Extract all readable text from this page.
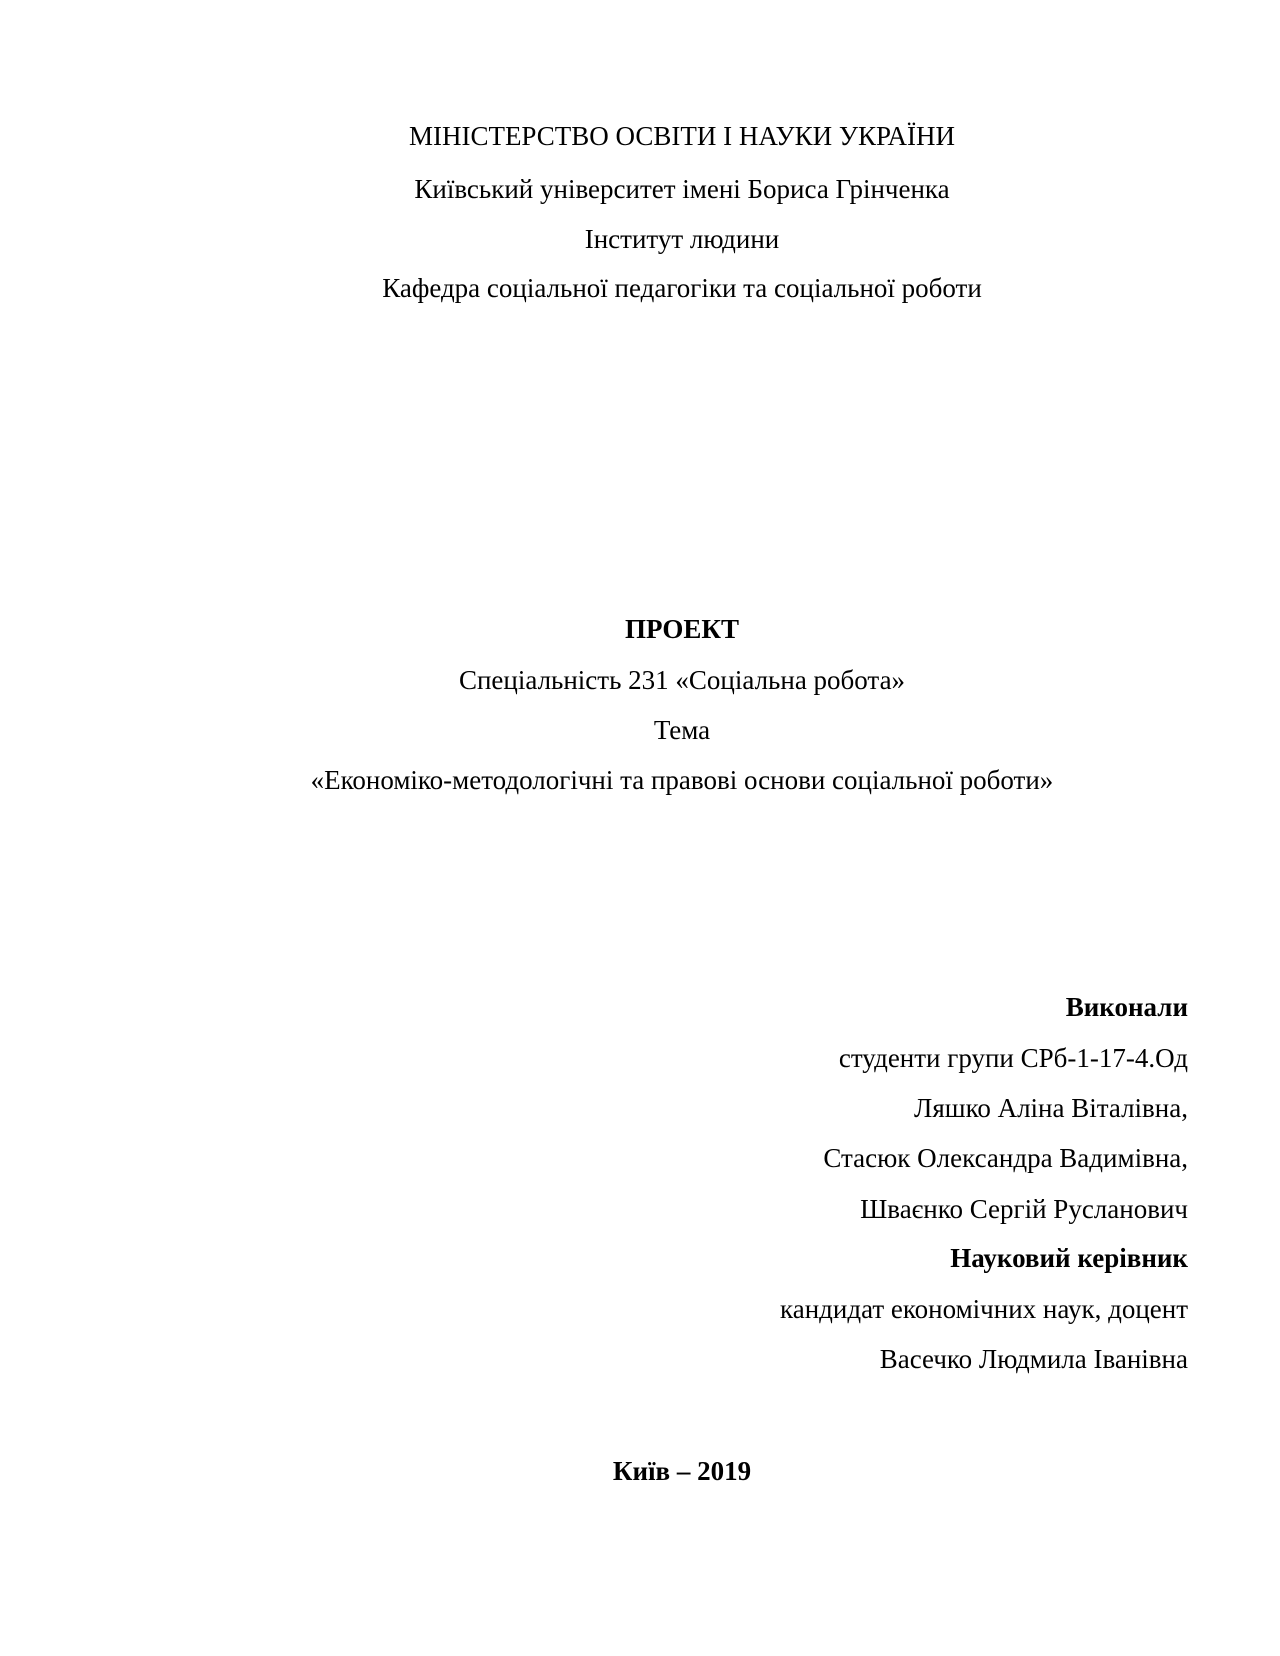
МІНІСТЕРСТВО ОСВІТИ І НАУКИ УКРАЇНИ

Київський університет імені Бориса Грінченка

Інститут людини

Кафедра соціальної педагогіки та соціальної роботи

ПРОЕКТ

Спеціальність 231 «Соціальна робота»

Тема

«Економіко-методологічні та правові основи соціальної роботи»

Виконали

студенти групи СРб-1-17-4.Од

Ляшко Аліна Віталівна,

Стасюк Олександра Вадимівна,

Шваєнко Сергій Русланович

Науковий керівник

кандидат економічних наук, доцент

Васечко Людмила Іванівна

Київ – 2019
